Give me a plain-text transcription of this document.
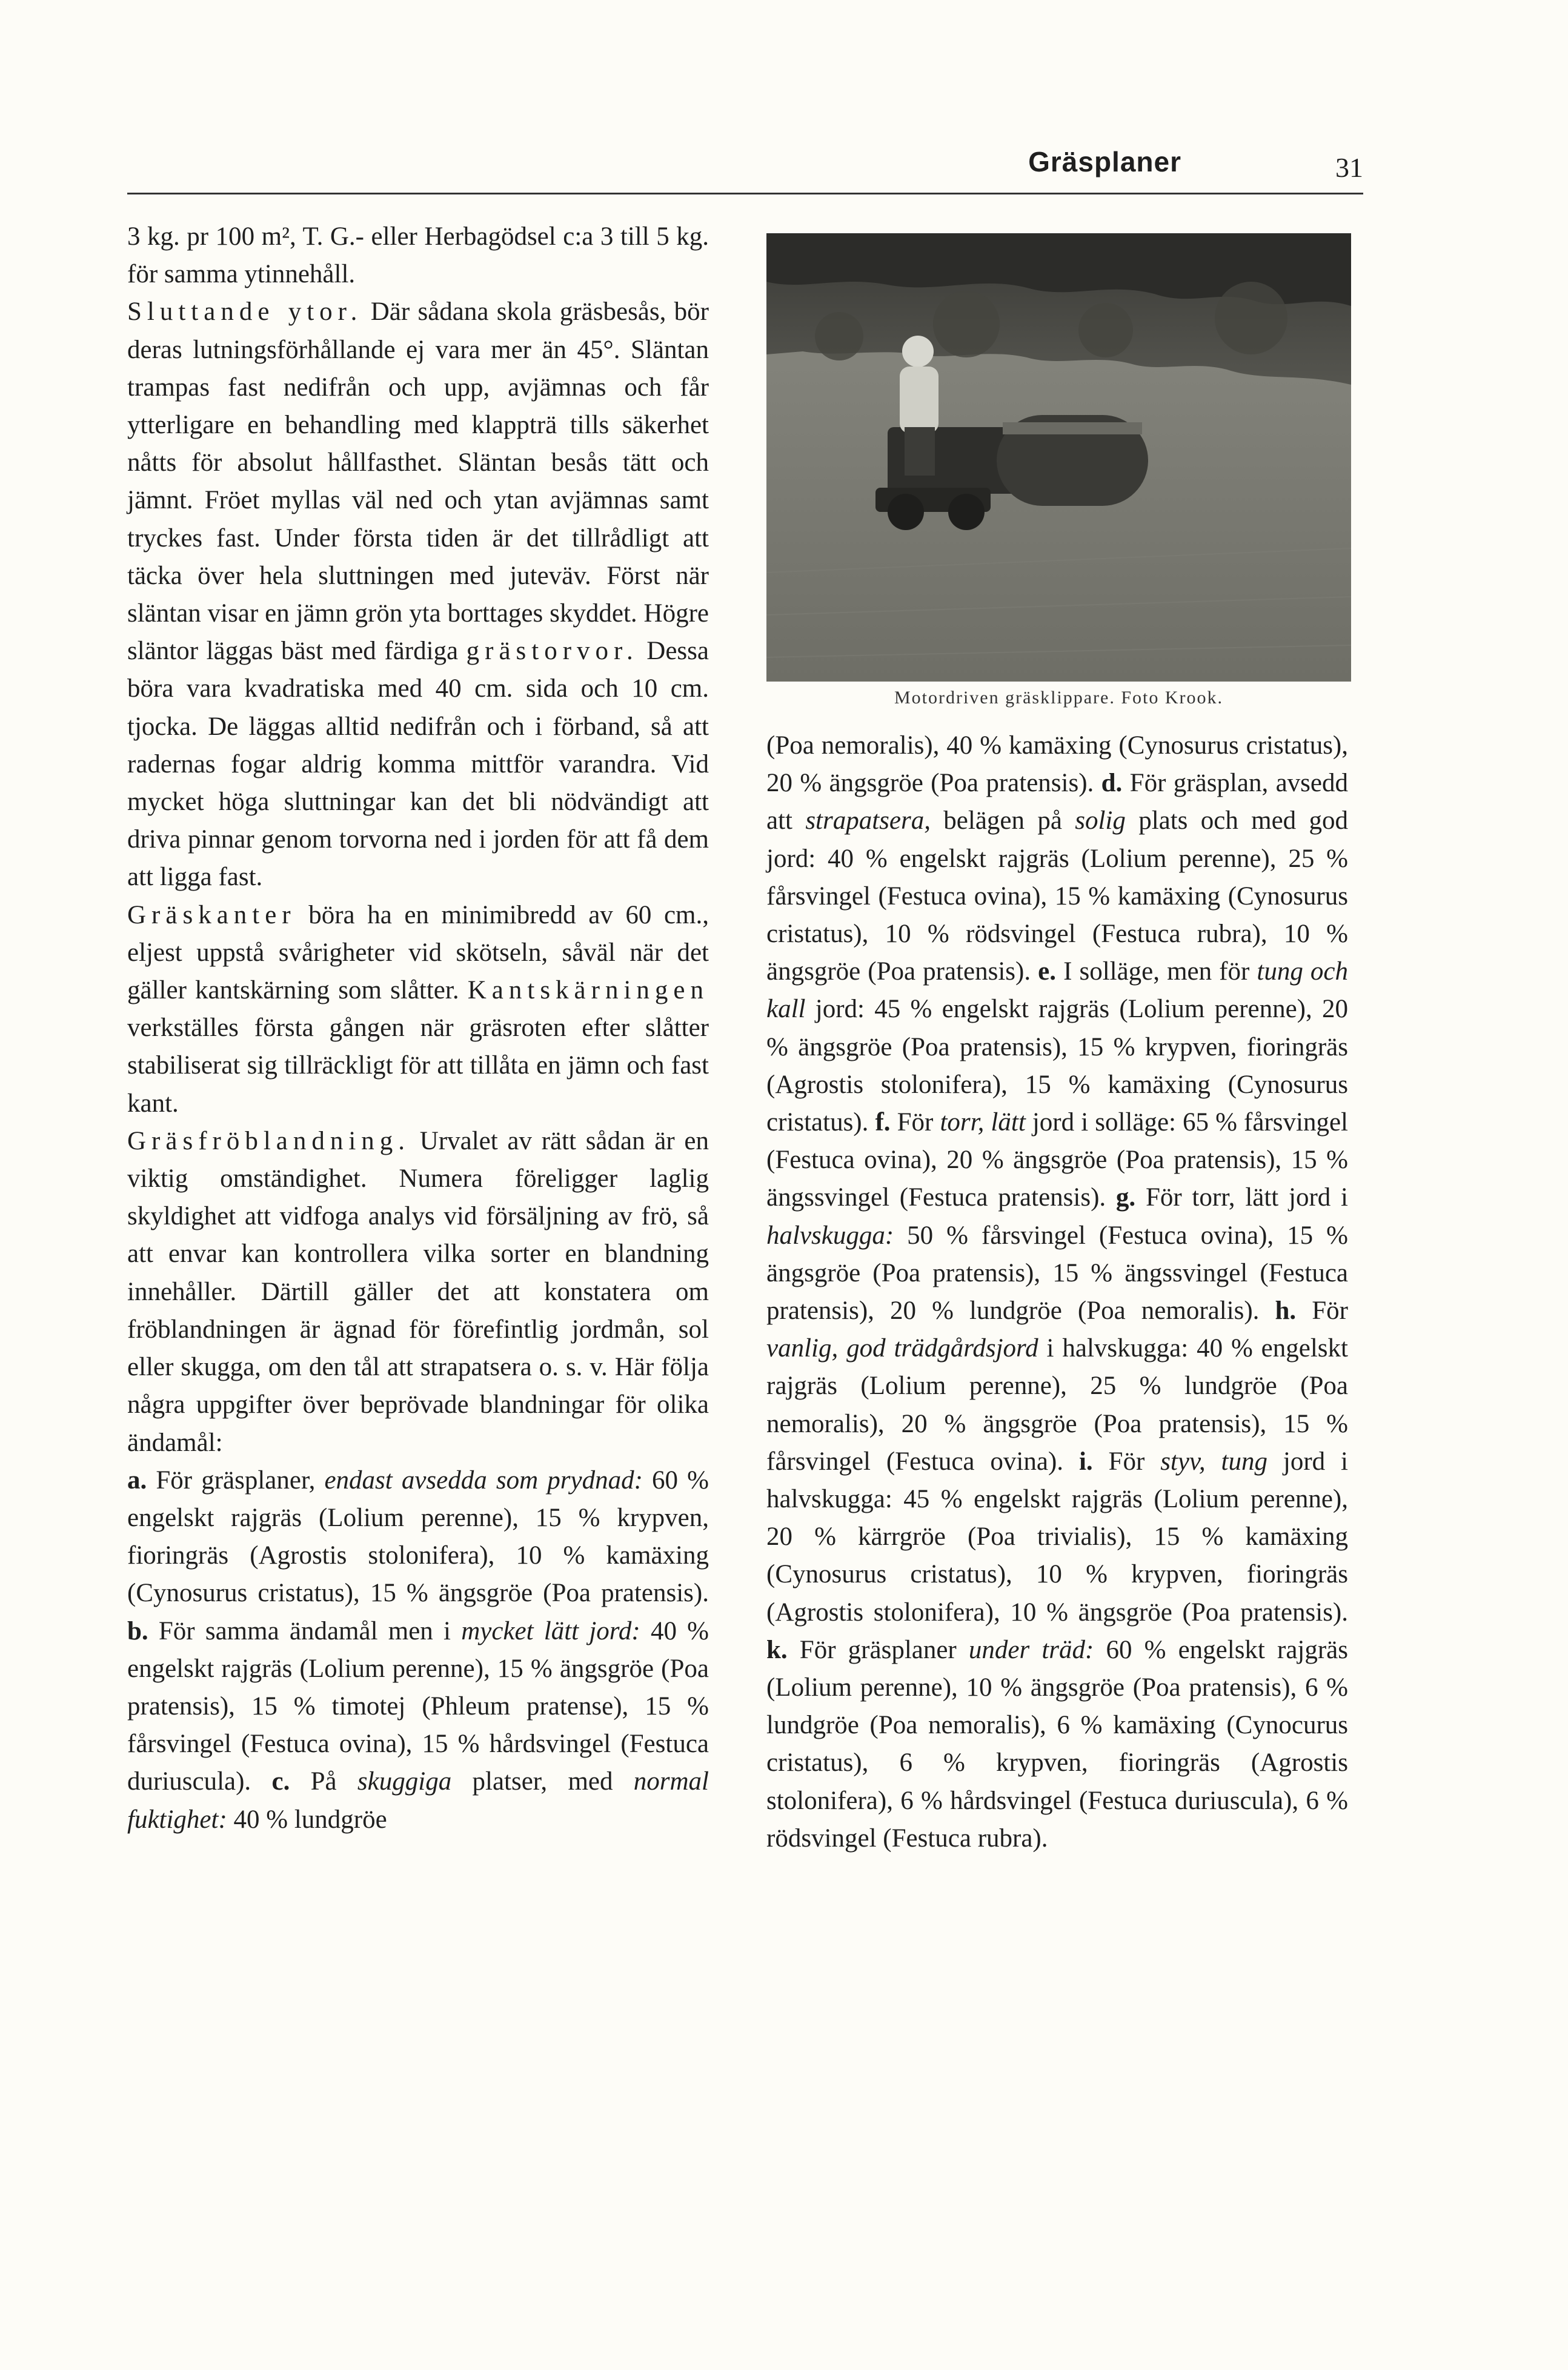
Gräsplaner	31

3 kg. pr 100 m², T. G.- eller Herbagödsel c:a 3 till 5 kg. för samma ytinnehåll.

Sluttande ytor. Där sådana skola gräsbesås, bör deras lutningsförhållande ej vara mer än 45°. Släntan trampas fast nedifrån och upp, avjämnas och får ytterligare en behandling med klappträ tills säkerhet nåtts för absolut hållfasthet. Släntan besås tätt och jämnt. Fröet myllas väl ned och ytan avjämnas samt tryckes fast. Under första tiden är det tillrådligt att täcka över hela sluttningen med juteväv. Först när släntan visar en jämn grön yta borttages skyddet. Högre släntor läggas bäst med färdiga grästorvor. Dessa böra vara kvadratiska med 40 cm. sida och 10 cm. tjocka. De läggas alltid nedifrån och i förband, så att radernas fogar aldrig komma mittför varandra. Vid mycket höga sluttningar kan det bli nödvändigt att driva pinnar genom torvorna ned i jorden för att få dem att ligga fast.

Gräskanter böra ha en minimibredd av 60 cm., eljest uppstå svårigheter vid skötseln, såväl när det gäller kantskärning som slåtter. Kantskärningen verkställes första gången när gräsroten efter slåtter stabiliserat sig tillräckligt för att tillåta en jämn och fast kant.

Gräsfröblandning. Urvalet av rätt sådan är en viktig omständighet. Numera föreligger laglig skyldighet att vidfoga analys vid försäljning av frö, så att envar kan kontrollera vilka sorter en blandning innehåller. Därtill gäller det att konstatera om fröblandningen är ägnad för förefintlig jordmån, sol eller skugga, om den tål att strapatsera o. s. v. Här följa några uppgifter över beprövade blandningar för olika ändamål:

a. För gräsplaner, endast avsedda som prydnad: 60 % engelskt rajgräs (Lolium perenne), 15 % krypven, fioringräs (Agrostis stolonifera), 10 % kamäxing (Cynosurus cristatus), 15 % ängsgröe (Poa pratensis). b. För samma ändamål men i mycket lätt jord: 40 % engelskt rajgräs (Lolium perenne), 15 % ängsgröe (Poa pratensis), 15 % timotej (Phleum pratense), 15 % fårsvingel (Festuca ovina), 15 % hårdsvingel (Festuca duriuscula). c. På skuggiga platser, med normal fuktighet: 40 % lundgröe

Motordriven gräsklippare. Foto Krook.

(Poa nemoralis), 40 % kamäxing (Cynosurus cristatus), 20 % ängsgröe (Poa pratensis). d. För gräsplan, avsedd att strapatsera, belägen på solig plats och med god jord: 40 % engelskt rajgräs (Lolium perenne), 25 % fårsvingel (Festuca ovina), 15 % kamäxing (Cynosurus cristatus), 10 % rödsvingel (Festuca rubra), 10 % ängsgröe (Poa pratensis). e. I solläge, men för tung och kall jord: 45 % engelskt rajgräs (Lolium perenne), 20 % ängsgröe (Poa pratensis), 15 % krypven, fioringräs (Agrostis stolonifera), 15 % kamäxing (Cynosurus cristatus). f. För torr, lätt jord i solläge: 65 % fårsvingel (Festuca ovina), 20 % ängsgröe (Poa pratensis), 15 % ängssvingel (Festuca pratensis). g. För torr, lätt jord i halvskugga: 50 % fårsvingel (Festuca ovina), 15 % ängsgröe (Poa pratensis), 15 % ängssvingel (Festuca pratensis), 20 % lundgröe (Poa nemoralis). h. För vanlig, god trädgårdsjord i halvskugga: 40 % engelskt rajgräs (Lolium perenne), 25 % lundgröe (Poa nemoralis), 20 % ängsgröe (Poa pratensis), 15 % fårsvingel (Festuca ovina). i. För styv, tung jord i halvskugga: 45 % engelskt rajgräs (Lolium perenne), 20 % kärrgröe (Poa trivialis), 15 % kamäxing (Cynosurus cristatus), 10 % krypven, fioringräs (Agrostis stolonifera), 10 % ängsgröe (Poa pratensis). k. För gräsplaner under träd: 60 % engelskt rajgräs (Lolium perenne), 10 % ängsgröe (Poa pratensis), 6 % lundgröe (Poa nemoralis), 6 % kamäxing (Cynocurus cristatus), 6 % krypven, fioringräs (Agrostis stolonifera), 6 % hårdsvingel (Festuca duriuscula), 6 % rödsvingel (Festuca rubra).
